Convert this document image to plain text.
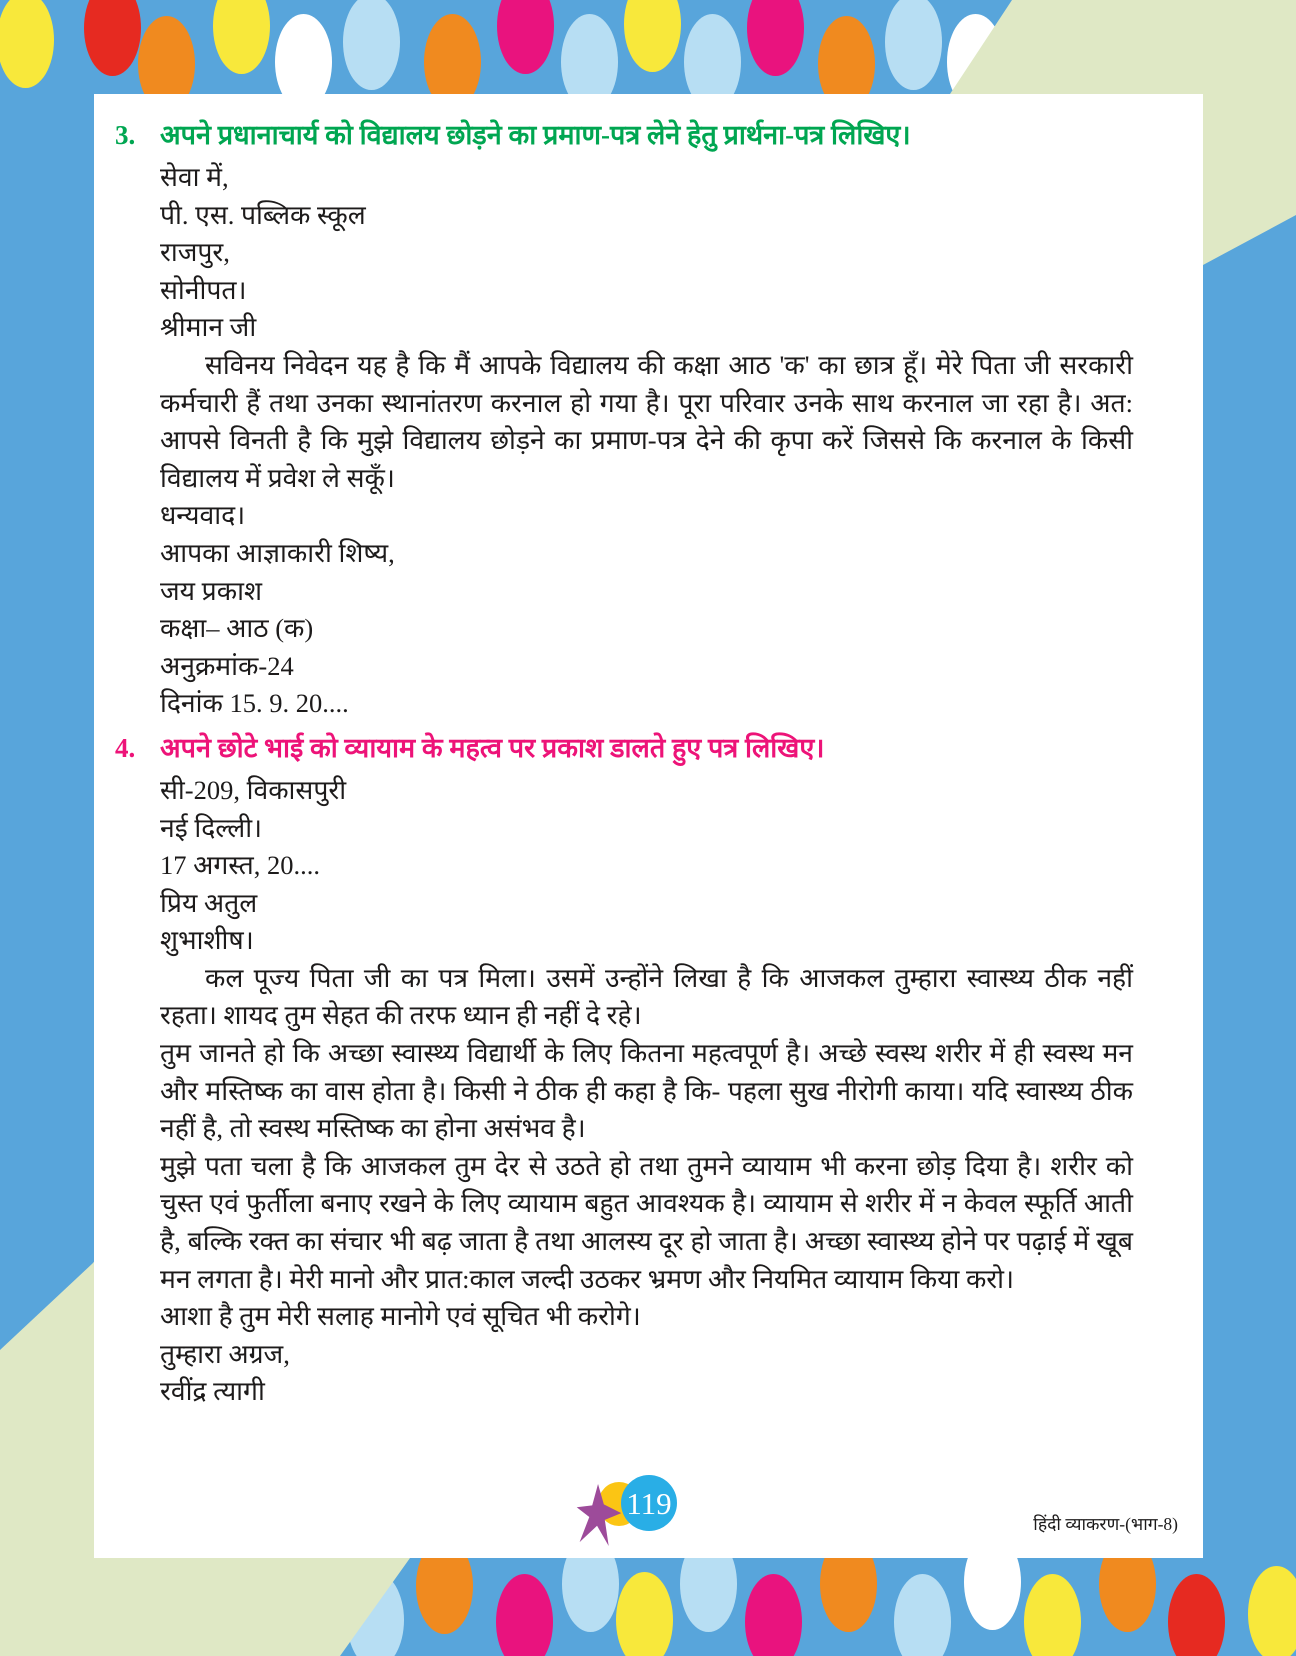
3. अपने प्रधानाचार्य को विद्यालय छोड़ने का प्रमाण-पत्र लेने हेतु प्रार्थना-पत्र लिखिए।

सेवा में,

पी. एस. पब्लिक स्कूल

राजपुर,

सोनीपत।

श्रीमान जी

सविनय निवेदन यह है कि मैं आपके विद्यालय की कक्षा आठ 'क' का छात्र हूँ। मेरे पिता जी सरकारी कर्मचारी हैं तथा उनका स्थानांतरण करनाल हो गया है। पूरा परिवार उनके साथ करनाल जा रहा है। अत: आपसे विनती है कि मुझे विद्यालय छोड़ने का प्रमाण-पत्र देने की कृपा करें जिससे कि करनाल के किसी विद्यालय में प्रवेश ले सकूँ।

धन्यवाद।

आपका आज्ञाकारी शिष्य,

जय प्रकाश

कक्षा– आठ (क)

अनुक्रमांक-24

दिनांक 15. 9. 20....

4. अपने छोटे भाई को व्यायाम के महत्व पर प्रकाश डालते हुए पत्र लिखिए।

सी-209, विकासपुरी

नई दिल्ली।

17 अगस्त, 20....

प्रिय अतुल

शुभाशीष।

कल पूज्य पिता जी का पत्र मिला। उसमें उन्होंने लिखा है कि आजकल तुम्हारा स्वास्थ्य ठीक नहीं रहता। शायद तुम सेहत की तरफ ध्यान ही नहीं दे रहे।

तुम जानते हो कि अच्छा स्वास्थ्य विद्यार्थी के लिए कितना महत्वपूर्ण है। अच्छे स्वस्थ शरीर में ही स्वस्थ मन और मस्तिष्क का वास होता है। किसी ने ठीक ही कहा है कि- पहला सुख नीरोगी काया। यदि स्वास्थ्य ठीक नहीं है, तो स्वस्थ मस्तिष्क का होना असंभव है।

मुझे पता चला है कि आजकल तुम देर से उठते हो तथा तुमने व्यायाम भी करना छोड़ दिया है। शरीर को चुस्त एवं फुर्तीला बनाए रखने के लिए व्यायाम बहुत आवश्यक है। व्यायाम से शरीर में न केवल स्फूर्ति आती है, बल्कि रक्त का संचार भी बढ़ जाता है तथा आलस्य दूर हो जाता है। अच्छा स्वास्थ्य होने पर पढ़ाई में खूब मन लगता है। मेरी मानो और प्रात:काल जल्दी उठकर भ्रमण और नियमित व्यायाम किया करो।

आशा है तुम मेरी सलाह मानोगे एवं सूचित भी करोगे।

तुम्हारा अग्रज,

रवींद्र त्यागी

119
हिंदी व्याकरण-(भाग-8)
